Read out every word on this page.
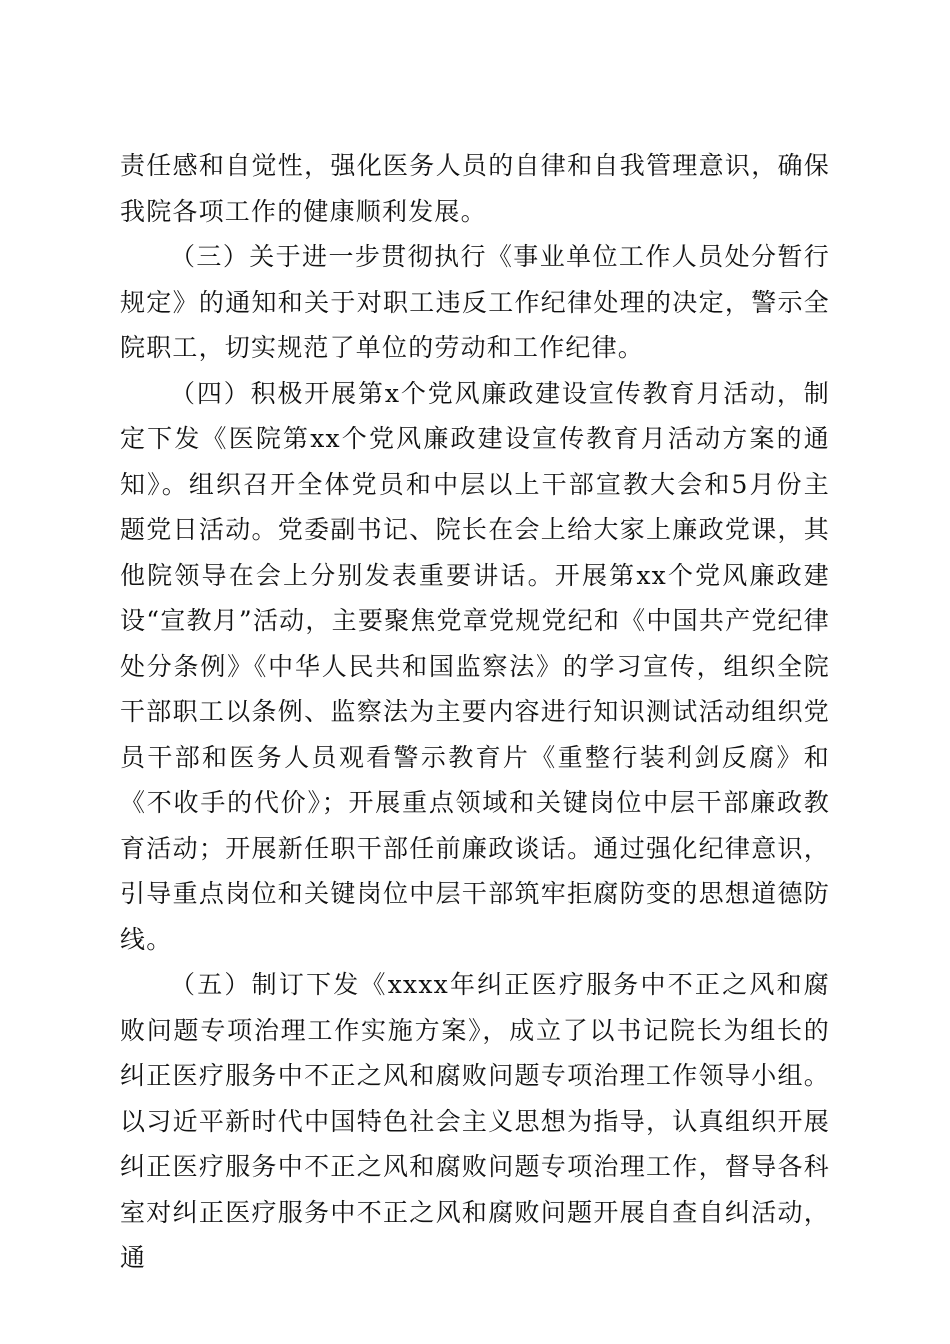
责任感和自觉性，强化医务人员的自律和自我管理意识，确保我院各项工作的健康顺利发展。

（三）关于进一步贯彻执行《事业单位工作人员处分暂行规定》的通知和关于对职工违反工作纪律处理的决定，警示全院职工，切实规范了单位的劳动和工作纪律。

（四）积极开展第x个党风廉政建设宣传教育月活动，制定下发《医院第xx个党风廉政建设宣传教育月活动方案的通知》。组织召开全体党员和中层以上干部宣教大会和5月份主题党日活动。党委副书记、院长在会上给大家上廉政党课，其他院领导在会上分别发表重要讲话。开展第xx个党风廉政建设“宣教月”活动，主要聚焦党章党规党纪和《中国共产党纪律处分条例》《中华人民共和国监察法》的学习宣传，组织全院干部职工以条例、监察法为主要内容进行知识测试活动组织党员干部和医务人员观看警示教育片《重整行装利剑反腐》和《不收手的代价》；开展重点领域和关键岗位中层干部廉政教育活动；开展新任职干部任前廉政谈话。通过强化纪律意识，引导重点岗位和关键岗位中层干部筑牢拒腐防变的思想道德防线。

（五）制订下发《xxxx年纠正医疗服务中不正之风和腐败问题专项治理工作实施方案》，成立了以书记院长为组长的纠正医疗服务中不正之风和腐败问题专项治理工作领导小组。以习近平新时代中国特色社会主义思想为指导，认真组织开展纠正医疗服务中不正之风和腐败问题专项治理工作，督导各科室对纠正医疗服务中不正之风和腐败问题开展自查自纠活动，通
